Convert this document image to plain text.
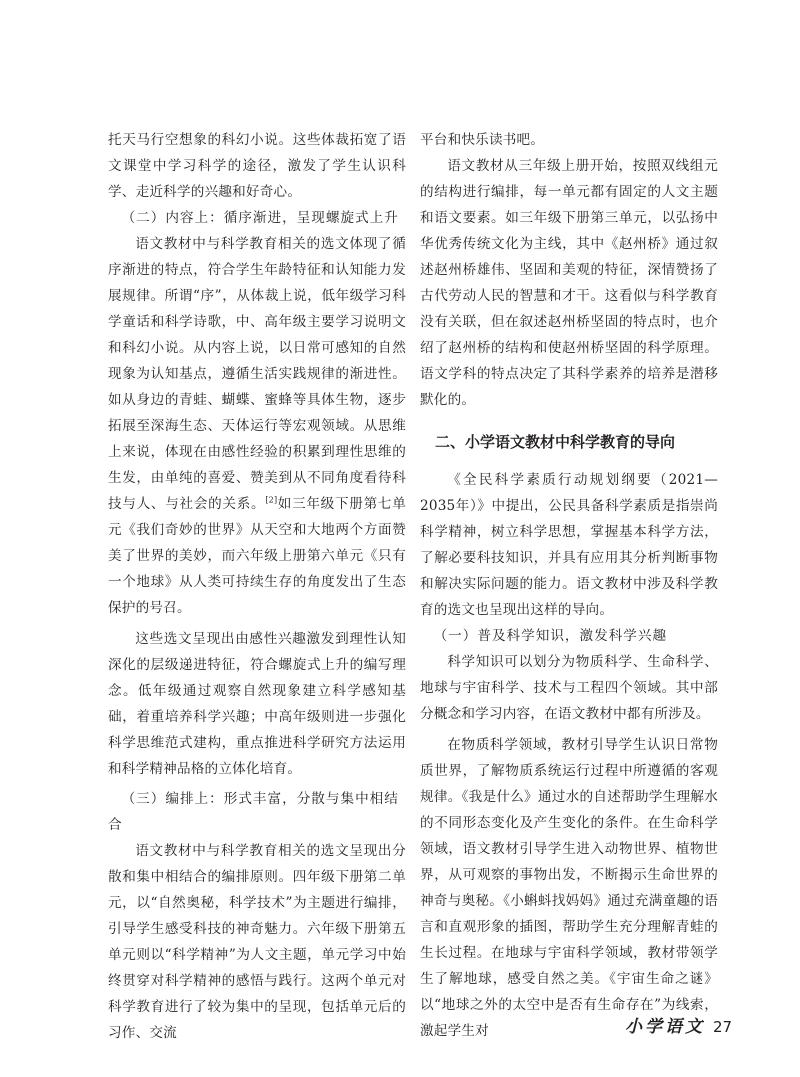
托天马行空想象的科幻小说。这些体裁拓宽了语文课堂中学习科学的途径，激发了学生认识科学、走近科学的兴趣和好奇心。

（二）内容上：循序渐进，呈现螺旋式上升

语文教材中与科学教育相关的选文体现了循序渐进的特点，符合学生年龄特征和认知能力发展规律。所谓“序”，从体裁上说，低年级学习科学童话和科学诗歌，中、高年级主要学习说明文和科幻小说。从内容上说，以日常可感知的自然现象为认知基点，遵循生活实践规律的渐进性。如从身边的青蛙、蝴蝶、蜜蜂等具体生物，逐步拓展至深海生态、天体运行等宏观领域。从思维上来说，体现在由感性经验的积累到理性思维的生发，由单纯的喜爱、赞美到从不同角度看待科技与人、与社会的关系。[2]如三年级下册第七单元《我们奇妙的世界》从天空和大地两个方面赞美了世界的美妙，而六年级上册第六单元《只有一个地球》从人类可持续生存的角度发出了生态保护的号召。

这些选文呈现出由感性兴趣激发到理性认知深化的层级递进特征，符合螺旋式上升的编写理念。低年级通过观察自然现象建立科学感知基础，着重培养科学兴趣；中高年级则进一步强化科学思维范式建构，重点推进科学研究方法运用和科学精神品格的立体化培育。

（三）编排上：形式丰富，分散与集中相结合

语文教材中与科学教育相关的选文呈现出分散和集中相结合的编排原则。四年级下册第二单元，以“自然奥秘，科学技术”为主题进行编排，引导学生感受科技的神奇魅力。六年级下册第五单元则以“科学精神”为人文主题，单元学习中始终贯穿对科学精神的感悟与践行。这两个单元对科学教育进行了较为集中的呈现，包括单元后的习作、交流

平台和快乐读书吧。

语文教材从三年级上册开始，按照双线组元的结构进行编排，每一单元都有固定的人文主题和语文要素。如三年级下册第三单元，以弘扬中华优秀传统文化为主线，其中《赵州桥》通过叙述赵州桥雄伟、坚固和美观的特征，深情赞扬了古代劳动人民的智慧和才干。这看似与科学教育没有关联，但在叙述赵州桥坚固的特点时，也介绍了赵州桥的结构和使赵州桥坚固的科学原理。语文学科的特点决定了其科学素养的培养是潜移默化的。

二、小学语文教材中科学教育的导向

《全民科学素质行动规划纲要（2021—2035年）》中提出，公民具备科学素质是指崇尚科学精神，树立科学思想，掌握基本科学方法，了解必要科技知识，并具有应用其分析判断事物和解决实际问题的能力。语文教材中涉及科学教育的选文也呈现出这样的导向。

（一）普及科学知识，激发科学兴趣

科学知识可以划分为物质科学、生命科学、地球与宇宙科学、技术与工程四个领域。其中部分概念和学习内容，在语文教材中都有所涉及。

在物质科学领域，教材引导学生认识日常物质世界，了解物质系统运行过程中所遵循的客观规律。《我是什么》通过水的自述帮助学生理解水的不同形态变化及产生变化的条件。在生命科学领域，语文教材引导学生进入动物世界、植物世界，从可观察的事物出发，不断揭示生命世界的神奇与奥秘。《小蝌蚪找妈妈》通过充满童趣的语言和直观形象的插图，帮助学生充分理解青蛙的生长过程。在地球与宇宙科学领域，教材带领学生了解地球，感受自然之美。《宇宙生命之谜》以“地球之外的太空中是否有生命存在”为线索，激起学生对	小学语文 27
